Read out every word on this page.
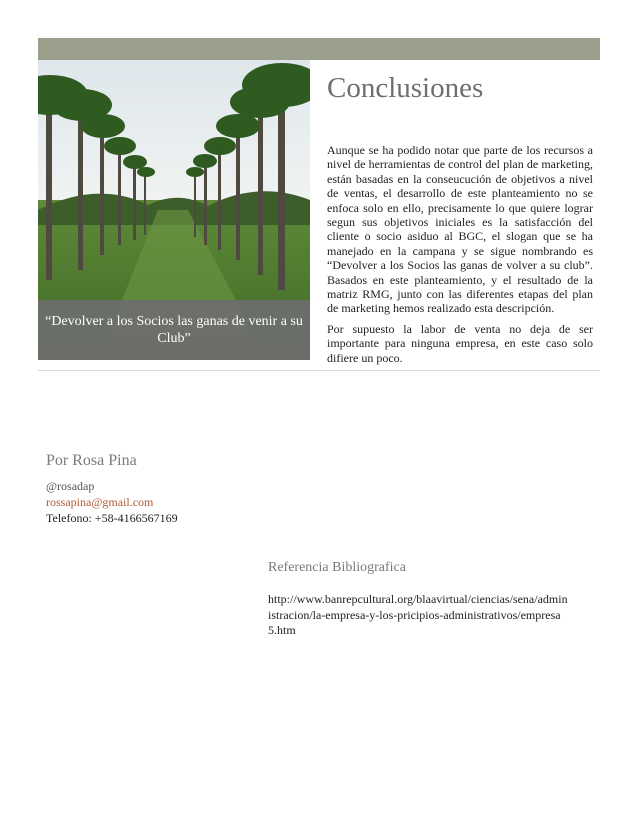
“Devolver a los Socios las ganas de venir a su Club”
Conclusiones

Aunque se ha podido notar que parte de los recursos a nivel de herramientas de control del plan de marketing, están basadas en la conseucución de objetivos a nivel de ventas, el desarrollo de este planteamiento no se enfoca solo en ello, precisamente lo que quiere lograr segun sus objetivos iniciales es la satisfacción del cliente o socio asiduo al BGC, el slogan que se ha manejado en la campana y se sigue nombrando es “Devolver a los Socios las ganas de volver a su club”. Basados en este planteamiento, y el resultado de la matriz RMG, junto con las diferentes etapas del plan de marketing hemos realizado esta descripción.

Por supuesto la labor de venta no deja de ser importante para ninguna empresa, en este caso solo difiere un poco.

Por Rosa Pina
@rosadap
rossapina@gmail.com
Telefono: +58-4166567169
Referencia Bibliografica
http://www.banrepcultural.org/blaavirtual/ciencias/sena/administracion/la-empresa-y-los-pricipios-administrativos/empresa5.htm
